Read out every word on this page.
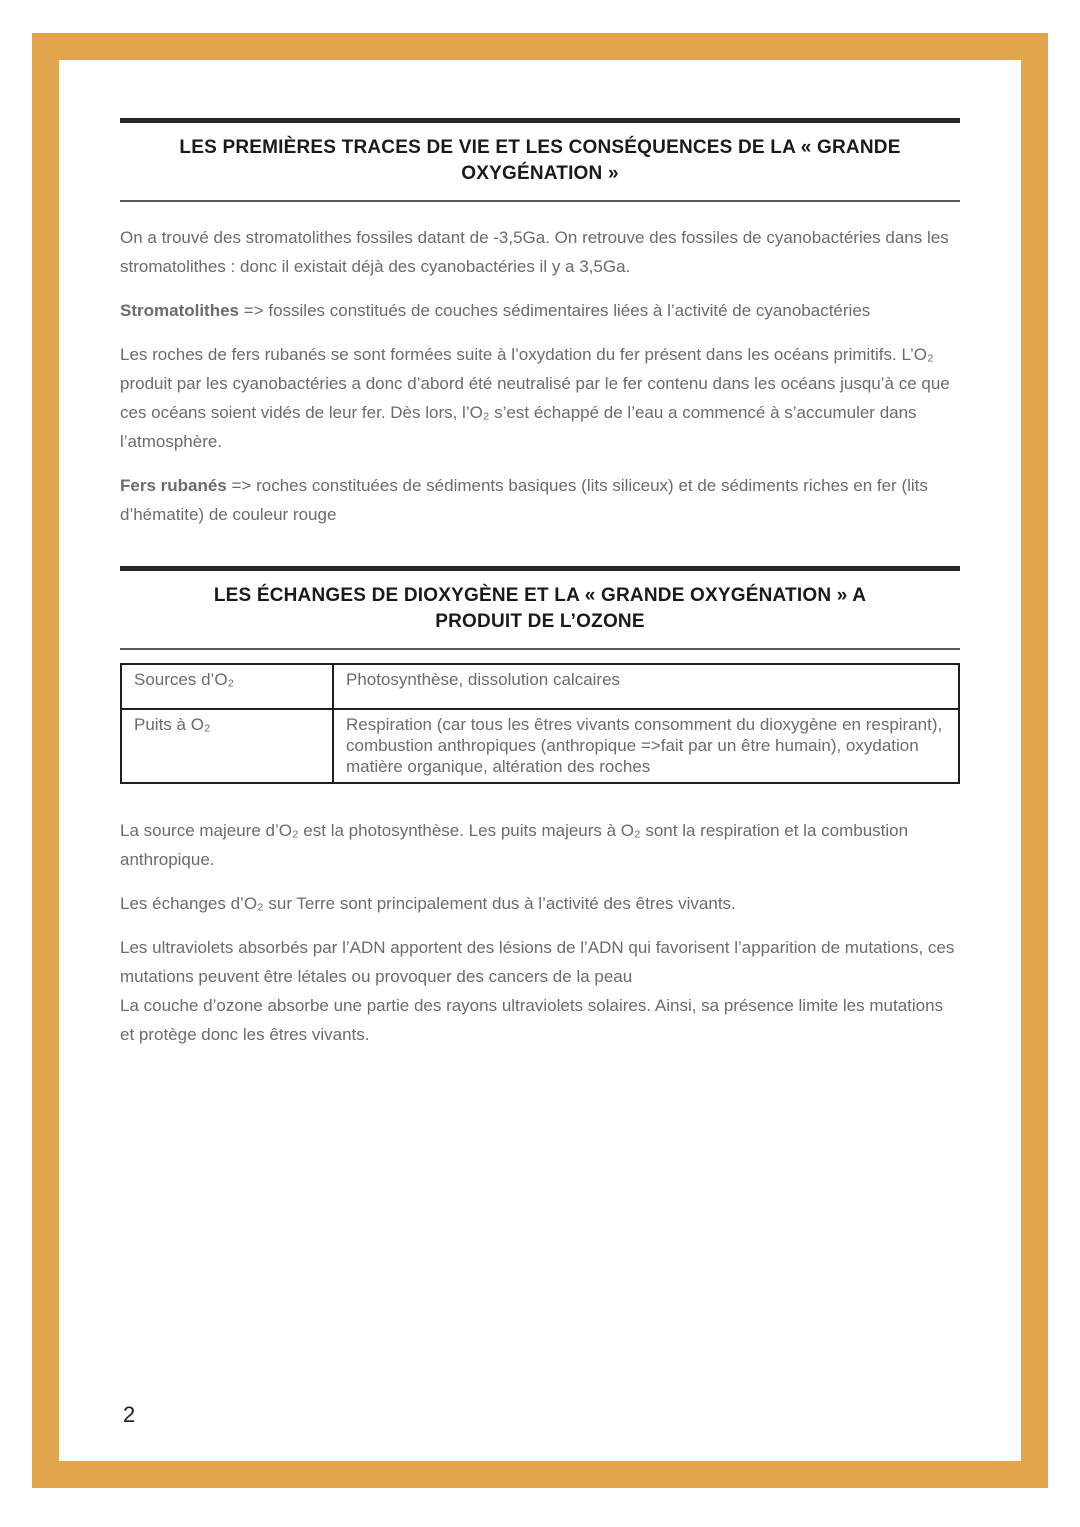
LES PREMIÈRES TRACES DE VIE ET LES CONSÉQUENCES DE LA « GRANDE
OXYGÉNATION »

On a trouvé des stromatolithes fossiles datant de -3,5Ga. On retrouve des fossiles de cyanobactéries dans les stromatolithes : donc il existait déjà des cyanobactéries il y a 3,5Ga.

Stromatolithes => fossiles constitués de couches sédimentaires liées à l’activité de cyanobactéries

Les roches de fers rubanés se sont formées suite à l’oxydation du fer présent dans les océans primitifs. L’O₂ produit par les cyanobactéries a donc d’abord été neutralisé par le fer contenu dans les océans jusqu’à ce que ces océans soient vidés de leur fer. Dès lors, l’O₂ s’est échappé de l’eau a commencé à s’accumuler dans l’atmosphère.

Fers rubanés => roches constituées de sédiments basiques (lits siliceux) et de sédiments riches en fer (lits d’hématite) de couleur rouge

LES ÉCHANGES DE DIOXYGÈNE ET LA « GRANDE OXYGÉNATION » A
PRODUIT DE L’OZONE
Sources d’O₂	Photosynthèse, dissolution calcaires
Puits à O₂	Respiration (car tous les êtres vivants consomment du dioxygène en respirant), combustion anthropiques (anthropique =>fait par un être humain), oxydation matière organique, altération des roches

La source majeure d’O₂ est la photosynthèse. Les puits majeurs à O₂ sont la respiration et la combustion anthropique.

Les échanges d’O₂ sur Terre sont principalement dus à l’activité des êtres vivants.

Les ultraviolets absorbés par l’ADN apportent des lésions de l’ADN qui favorisent l’apparition de mutations, ces mutations peuvent être létales ou provoquer des cancers de la peau
La couche d’ozone absorbe une partie des rayons ultraviolets solaires. Ainsi, sa présence limite les mutations et protège donc les êtres vivants.

2
